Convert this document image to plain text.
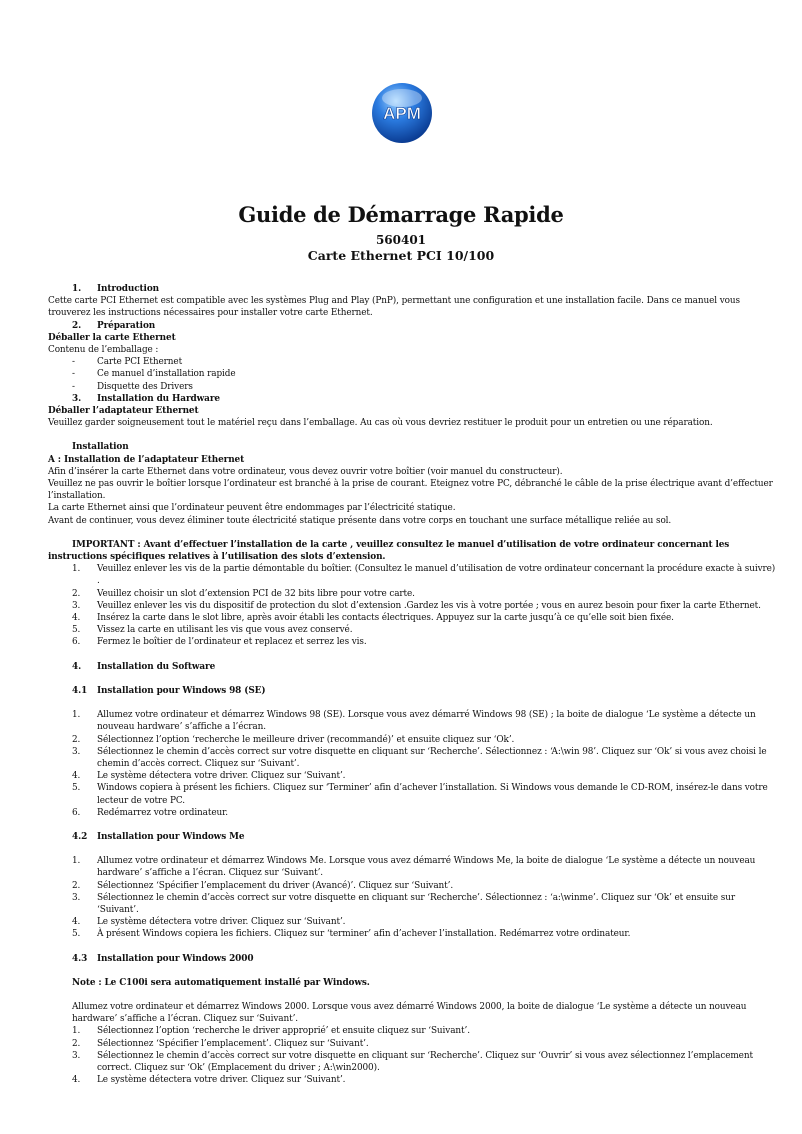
APM
Guide de Démarrage Rapide
560401
Carte Ethernet PCI 10/100
1.	Introduction

Cette carte PCI Ethernet est compatible avec les systèmes Plug and Play (PnP), permettant une configuration et une installation facile. Dans ce manuel vous trouverez les instructions nécessaires pour installer votre carte Ethernet.

2.	Préparation

Déballer la carte Ethernet

Contenu de l’emballage :

-	Carte PCI Ethernet
-	Ce manuel d’installation rapide
-	Disquette des Drivers
3.	Installation du Hardware

Déballer l’adaptateur Ethernet

Veuillez garder soigneusement tout le matériel reçu dans l’emballage. Au cas où vous devriez restituer le produit pour un entretien ou une réparation.

Installation

A : Installation de l’adaptateur Ethernet

Afin d’insérer la carte Ethernet dans votre ordinateur, vous devez ouvrir votre boîtier (voir manuel du constructeur).

Veuillez ne pas ouvrir le boîtier lorsque l’ordinateur est branché à la prise de courant. Eteignez votre PC, débranché le câble de la prise électrique avant d’effectuer l’installation.

La carte Ethernet ainsi que l’ordinateur peuvent être endommages par l’électricité statique.

Avant de continuer, vous devez éliminer toute électricité statique présente dans votre corps en touchant une surface métallique reliée au sol.

IMPORTANT : Avant d’effectuer l’installation de la carte , veuillez consultez le manuel d’utilisation de votre ordinateur concernant les instructions spécifiques relatives à l’utilisation des slots d’extension.

1.	Veuillez enlever les vis de la partie démontable du boîtier. (Consultez le manuel d’utilisation de votre ordinateur concernant la procédure exacte à suivre) .
2.	Veuillez choisir un slot d’extension PCI de 32 bits libre pour votre carte.
3.	Veuillez enlever les vis du dispositif de protection du slot d’extension .Gardez les vis à votre portée ; vous en aurez besoin pour fixer la carte Ethernet.
4.	Insérez la carte dans le slot libre, après avoir établi les contacts électriques. Appuyez sur la carte jusqu’à ce qu’elle soit bien fixée.
5.	Vissez la carte en utilisant les vis que vous avez conservé.
6.	Fermez le boîtier de l’ordinateur et replacez et serrez les vis.
4.	Installation du Software
4.1	Installation pour Windows 98 (SE)
1.	Allumez votre ordinateur et démarrez Windows 98 (SE). Lorsque vous avez démarré Windows 98 (SE) ; la boite de dialogue ‘Le système a détecte un nouveau hardware’ s’affiche a l’écran.
2.	Sélectionnez l’option ‘recherche le meilleure driver (recommandé)’ et ensuite cliquez sur ‘Ok’.
3.	Sélectionnez le chemin d’accès correct sur votre disquette en cliquant sur ‘Recherche’. Sélectionnez : ‘A:\win 98’. Cliquez sur ‘Ok’ si vous avez choisi le chemin d’accès correct. Cliquez sur ‘Suivant’.
4.	Le système détectera votre driver. Cliquez sur ‘Suivant’.
5.	Windows copiera à présent les fichiers. Cliquez sur ‘Terminer’ afin d’achever l’installation. Si Windows vous demande le CD-ROM, insérez-le dans votre lecteur de votre PC.
6.	Redémarrez votre ordinateur.
4.2	Installation pour Windows Me
1.	Allumez votre ordinateur et démarrez Windows Me. Lorsque vous avez démarré Windows Me, la boite de dialogue ‘Le système a détecte un nouveau hardware’ s’affiche a l’écran. Cliquez sur ‘Suivant’.
2.	Sélectionnez ‘Spécifier l’emplacement du driver (Avancé)’. Cliquez sur ‘Suivant’.
3.	Sélectionnez le chemin d’accès correct sur votre disquette en cliquant sur ‘Recherche’. Sélectionnez : ‘a:\winme’. Cliquez sur ‘Ok’ et ensuite sur ‘Suivant’.
4.	Le système détectera votre driver. Cliquez sur ‘Suivant’.
5.	À présent Windows copiera les fichiers. Cliquez sur ‘terminer’ afin d’achever l’installation. Redémarrez votre ordinateur.
4.3	Installation pour Windows 2000

Note : Le C100i sera automatiquement installé par Windows.

Allumez votre ordinateur et démarrez Windows 2000. Lorsque vous avez démarré Windows 2000, la boite de dialogue ‘Le système a détecte un nouveau hardware’ s’affiche a l’écran. Cliquez sur ‘Suivant’.

1.	Sélectionnez l’option ‘recherche le driver approprié’ et ensuite cliquez sur ‘Suivant’.
2.	Sélectionnez ‘Spécifier l’emplacement’. Cliquez sur ‘Suivant’.
3.	Sélectionnez le chemin d’accès correct sur votre disquette en cliquant sur ‘Recherche’. Cliquez sur ‘Ouvrir’ si vous avez sélectionnez l’emplacement correct. Cliquez sur ‘Ok’ (Emplacement du driver ; A:\win2000).
4.	Le système détectera votre driver. Cliquez sur ‘Suivant’.
